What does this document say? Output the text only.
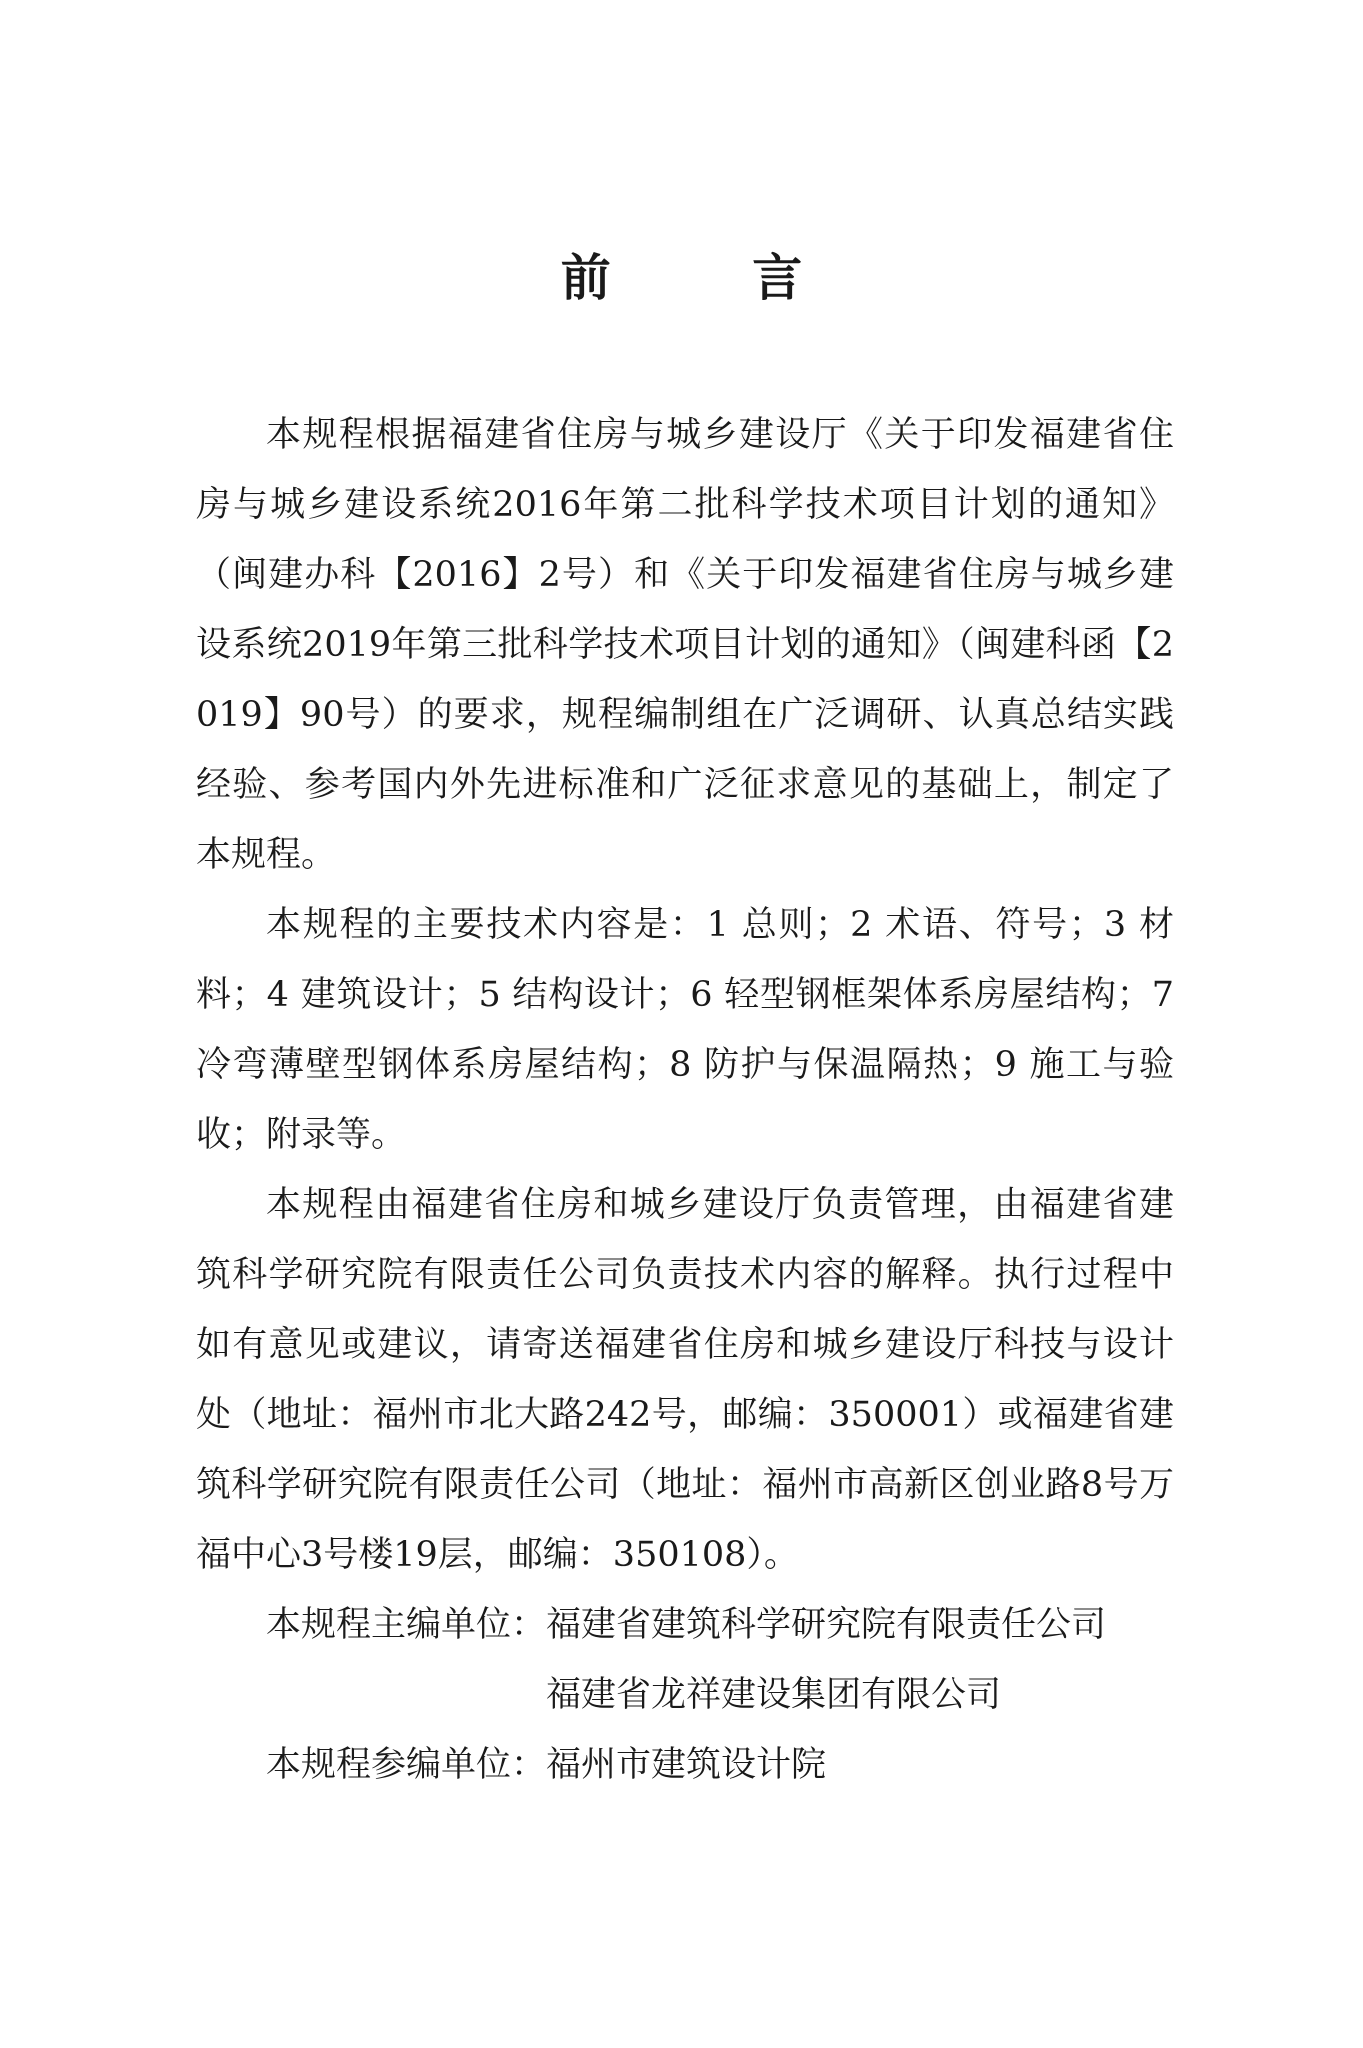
前 言

本规程根据福建省住房与城乡建设厅《关于印发福建省住房与城乡建设系统2016年第二批科学技术项目计划的通知》（闽建办科【2016】2号）和《关于印发福建省住房与城乡建设系统2019年第三批科学技术项目计划的通知》（闽建科函【2019】90号）的要求，规程编制组在广泛调研、认真总结实践经验、参考国内外先进标准和广泛征求意见的基础上，制定了本规程。

本规程的主要技术内容是：1 总则；2 术语、符号；3 材料；4 建筑设计；5 结构设计；6 轻型钢框架体系房屋结构；7 冷弯薄壁型钢体系房屋结构；8 防护与保温隔热；9 施工与验收；附录等。

本规程由福建省住房和城乡建设厅负责管理，由福建省建筑科学研究院有限责任公司负责技术内容的解释。执行过程中如有意见或建议，请寄送福建省住房和城乡建设厅科技与设计处（地址：福州市北大路242号，邮编：350001）或福建省建筑科学研究院有限责任公司（地址：福州市高新区创业路8号万福中心3号楼19层，邮编：350108）。

本规程主编单位： 福建省建筑科学研究院有限责任公司
福建省龙祥建设集团有限公司
本规程参编单位： 福州市建筑设计院
